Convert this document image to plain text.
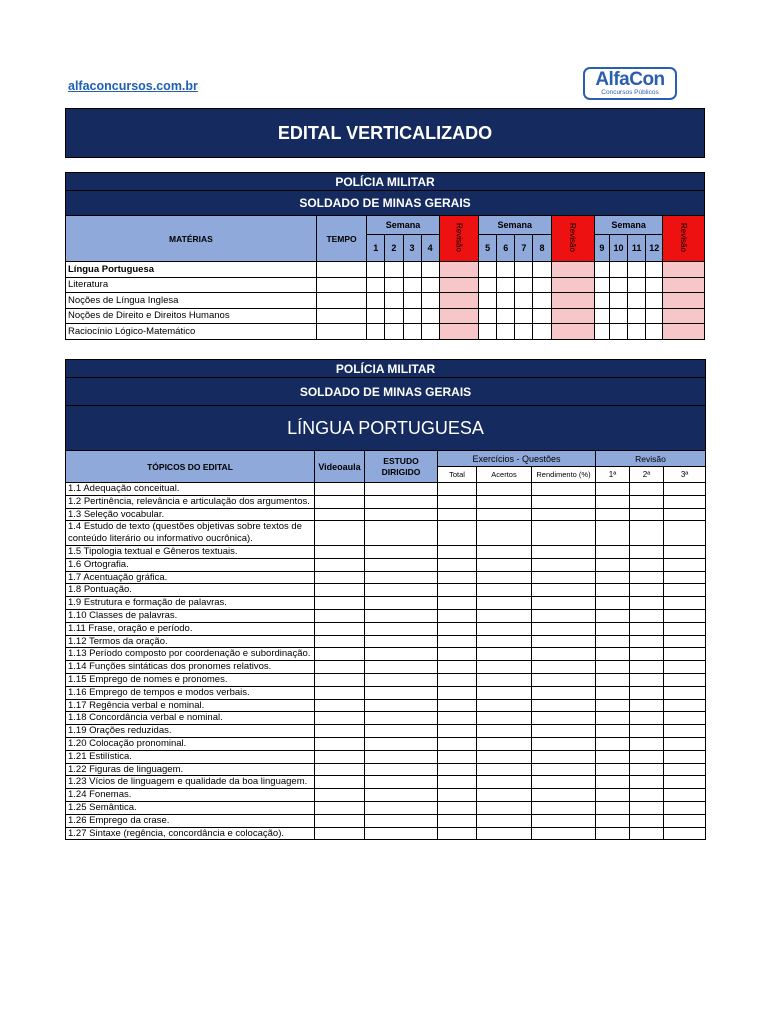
alfaconcursos.com.br	AlfaCon
Concursos Públicos
EDITAL VERTICALIZADO
POLÍCIA MILITAR																
SOLDADO DE MINAS GERAIS																
MATÉRIAS	TEMPO	Semana				Revisão	Semana				Revisão	Semana				Revisão
		1	2	3	4		5	6	7	8		9	10	11	12	
Língua Portuguesa																
Literatura																
Noções de Língua Inglesa																
Noções de Direito e Direitos Humanos																
Raciocínio Lógico-Matemático																
POLÍCIA MILITAR								
SOLDADO DE MINAS GERAIS								
LÍNGUA PORTUGUESA								
TÓPICOS DO EDITAL	Videoaula	ESTUDO DIRIGIDO	Exercícios - Questões			Revisão		
						1ª	2ª	3ª
			Total	Acertos	Rendimento (%)			
1.1 Adequação conceitual.								
1.2 Pertinência, relevância e articulação dos argumentos.								
1.3 Seleção vocabular.								
1.4 Estudo de texto (questões objetivas sobre textos de conteúdo literário ou informativo oucrônica).								
1.5 Tipologia textual e Gêneros textuais.								
1.6 Ortografia.								
1.7 Acentuação gráfica.								
1.8 Pontuação.								
1.9 Estrutura e formação de palavras.								
1.10 Classes de palavras.								
1.11 Frase, oração e período.								
1.12 Termos da oração.								
1.13 Período composto por coordenação e subordinação.								
1.14 Funções sintáticas dos pronomes relativos.								
1.15 Emprego de nomes e pronomes.								
1.16 Emprego de tempos e modos verbais.								
1.17 Regência verbal e nominal.								
1.18 Concordância verbal e nominal.								
1.19 Orações reduzidas.								
1.20 Colocação pronominal.								
1.21 Estilística.								
1.22 Figuras de linguagem.								
1.23 Vícios de linguagem e qualidade da boa linguagem.								
1.24 Fonemas.								
1.25 Semântica.								
1.26 Emprego da crase.								
1.27 Sintaxe (regência, concordância e colocação).								
